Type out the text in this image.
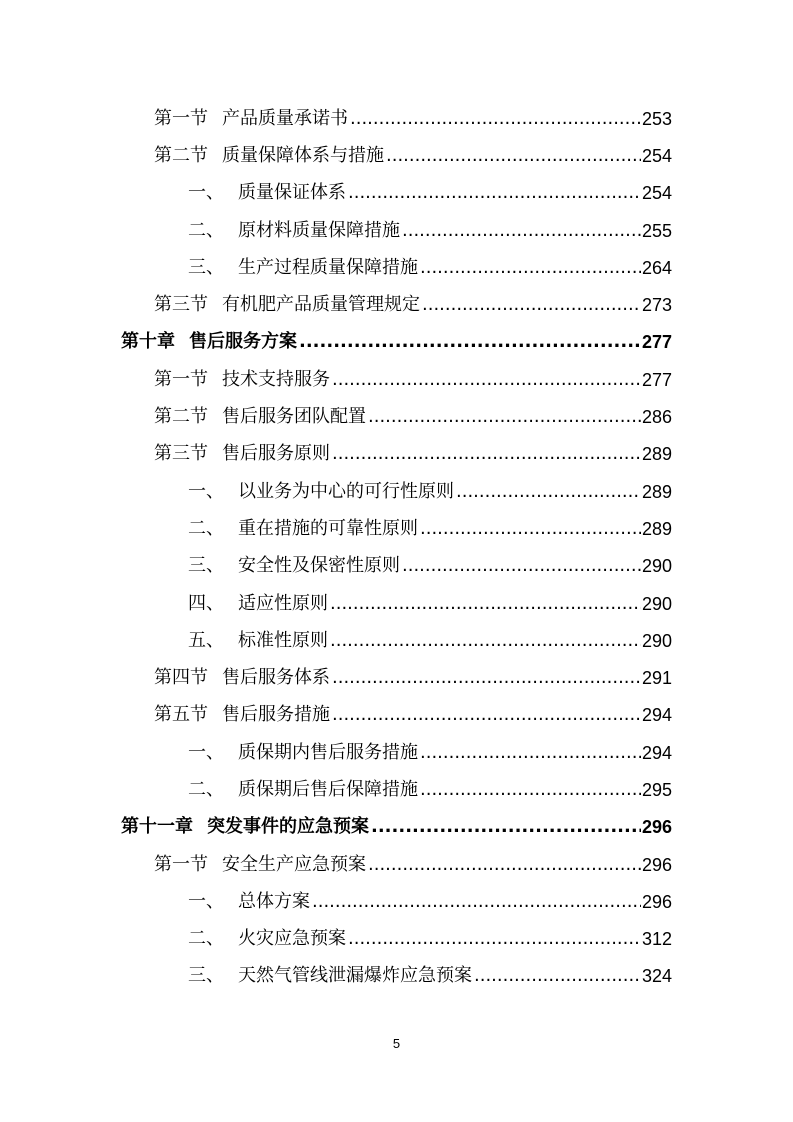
第一节 产品质量承诺书 .....	253
第二节 质量保障体系与措施 .....	254
一、 质量保证体系 .....	254
二、 原材料质量保障措施 .....	255
三、 生产过程质量保障措施 .....	264
第三节 有机肥产品质量管理规定 .....	273
第十章 售后服务方案 .....	277
第一节 技术支持服务 .....	277
第二节 售后服务团队配置 .....	286
第三节 售后服务原则 .....	289
一、 以业务为中心的可行性原则 .....	289
二、 重在措施的可靠性原则 .....	289
三、 安全性及保密性原则 .....	290
四、 适应性原则 .....	290
五、 标准性原则 .....	290
第四节 售后服务体系 .....	291
第五节 售后服务措施 .....	294
一、 质保期内售后服务措施 .....	294
二、 质保期后售后保障措施 .....	295
第十一章 突发事件的应急预案 .....	296
第一节 安全生产应急预案 .....	296
一、 总体方案 .....	296
二、 火灾应急预案 .....	312
三、 天然气管线泄漏爆炸应急预案 .....	324
5
